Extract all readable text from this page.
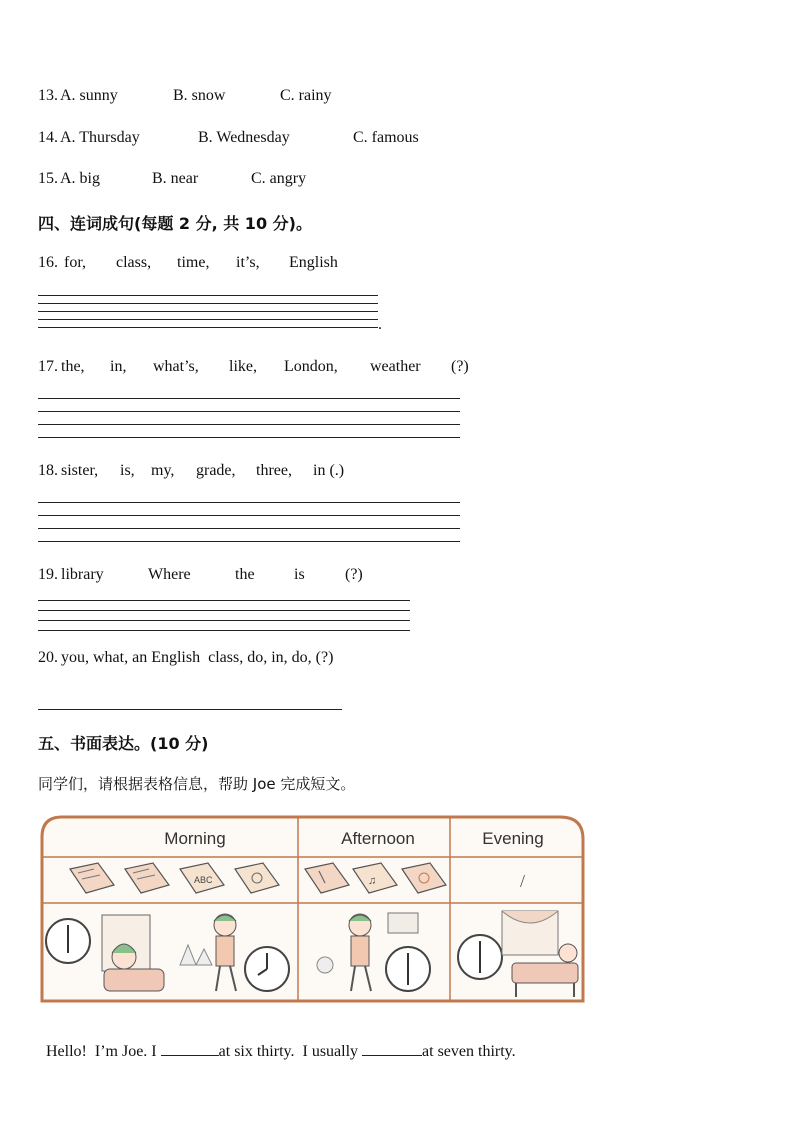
13. A. sunny	B. snow	C. rainy
14. A. Thursday	B. Wednesday	C. famous
15. A. big	B. near	C. angry
四、连词成句(每题 2 分, 共 10 分)。
16. for, class, time, it’s, English
.
17. the, in, what’s, like, London, weather (?)
18. sister, is, my, grade, three, in (.)
19. library	Where	the is	(?)
20. you, what, an English  class, do, in, do, (?)
五、书面表达。(10 分)
同学们，请根据表格信息，帮助 Joe 完成短文。
Morning	Afternoon	Evening
ABC	♫	/

Hello!  I’m Joe. I	at six thirty.  I usually	at seven thirty.
